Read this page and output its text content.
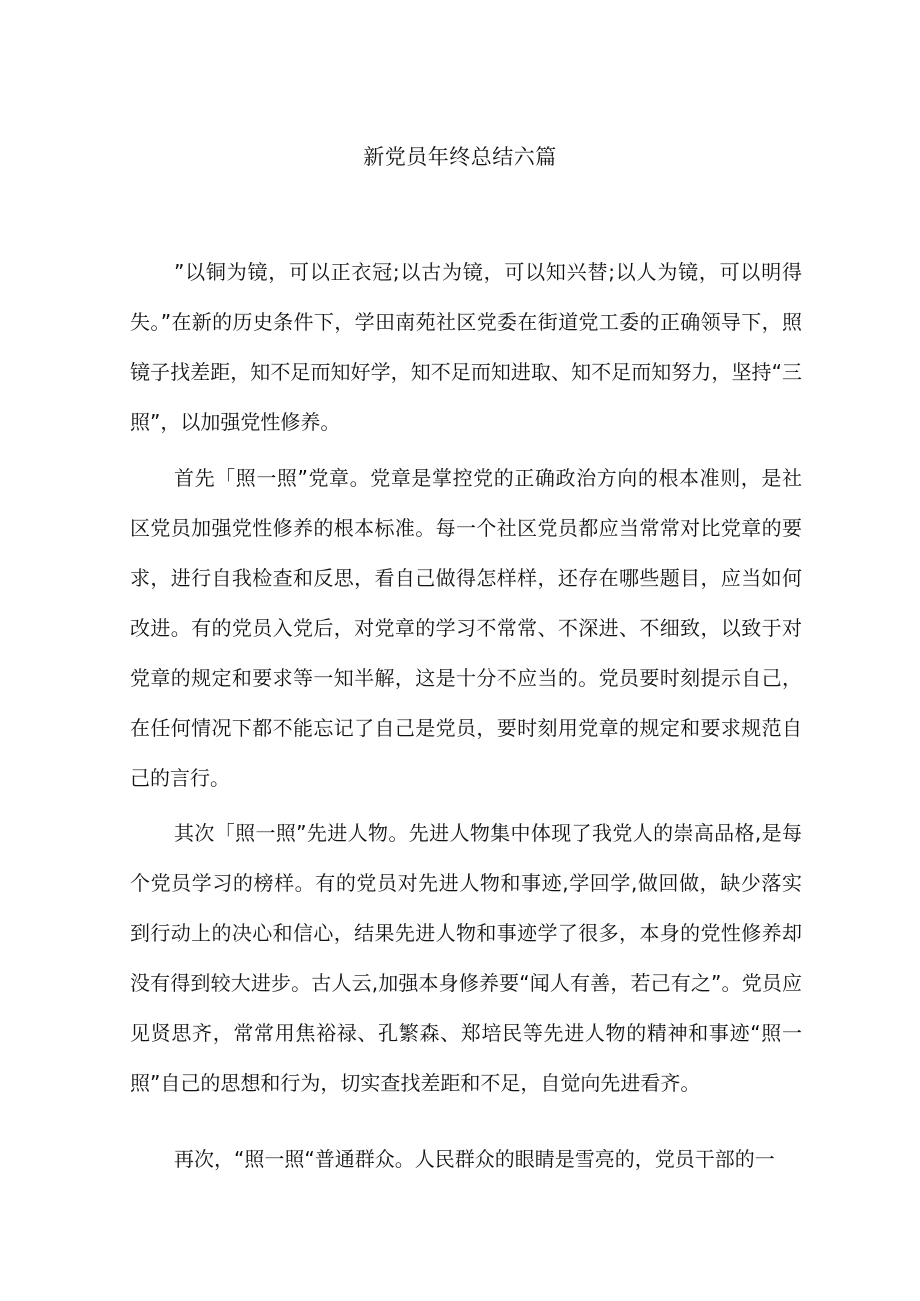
新党员年终总结六篇

”以铜为镜，可以正衣冠;以古为镜，可以知兴替;以人为镜，可以明得失。”在新的历史条件下，学田南苑社区党委在街道党工委的正确领导下，照镜子找差距，知不足而知好学，知不足而知进取、知不足而知努力，坚持“三照”，以加强党性修养。

首先「照一照”党章。党章是掌控党的正确政治方向的根本准则，是社区党员加强党性修养的根本标准。每一个社区党员都应当常常对比党章的要求，进行自我检查和反思，看自己做得怎样样，还存在哪些题目，应当如何改进。有的党员入党后，对党章的学习不常常、不深进、不细致，以致于对党章的规定和要求等一知半解，这是十分不应当的。党员要时刻提示自己，在任何情况下都不能忘记了自己是党员，要时刻用党章的规定和要求规范自己的言行。

其次「照一照”先进人物。先进人物集中体现了我党人的崇高品格,是每个党员学习的榜样。有的党员对先进人物和事迹,学回学,做回做，缺少落实到行动上的决心和信心，结果先进人物和事迹学了很多，本身的党性修养却没有得到较大进步。古人云,加强本身修养要“闻人有善，若己有之”。党员应见贤思齐，常常用焦裕禄、孔繁森、郑培民等先进人物的精神和事迹“照一照”自己的思想和行为，切实查找差距和不足，自觉向先进看齐。

再次，“照一照“普通群众。人民群众的眼睛是雪亮的，党员干部的一
